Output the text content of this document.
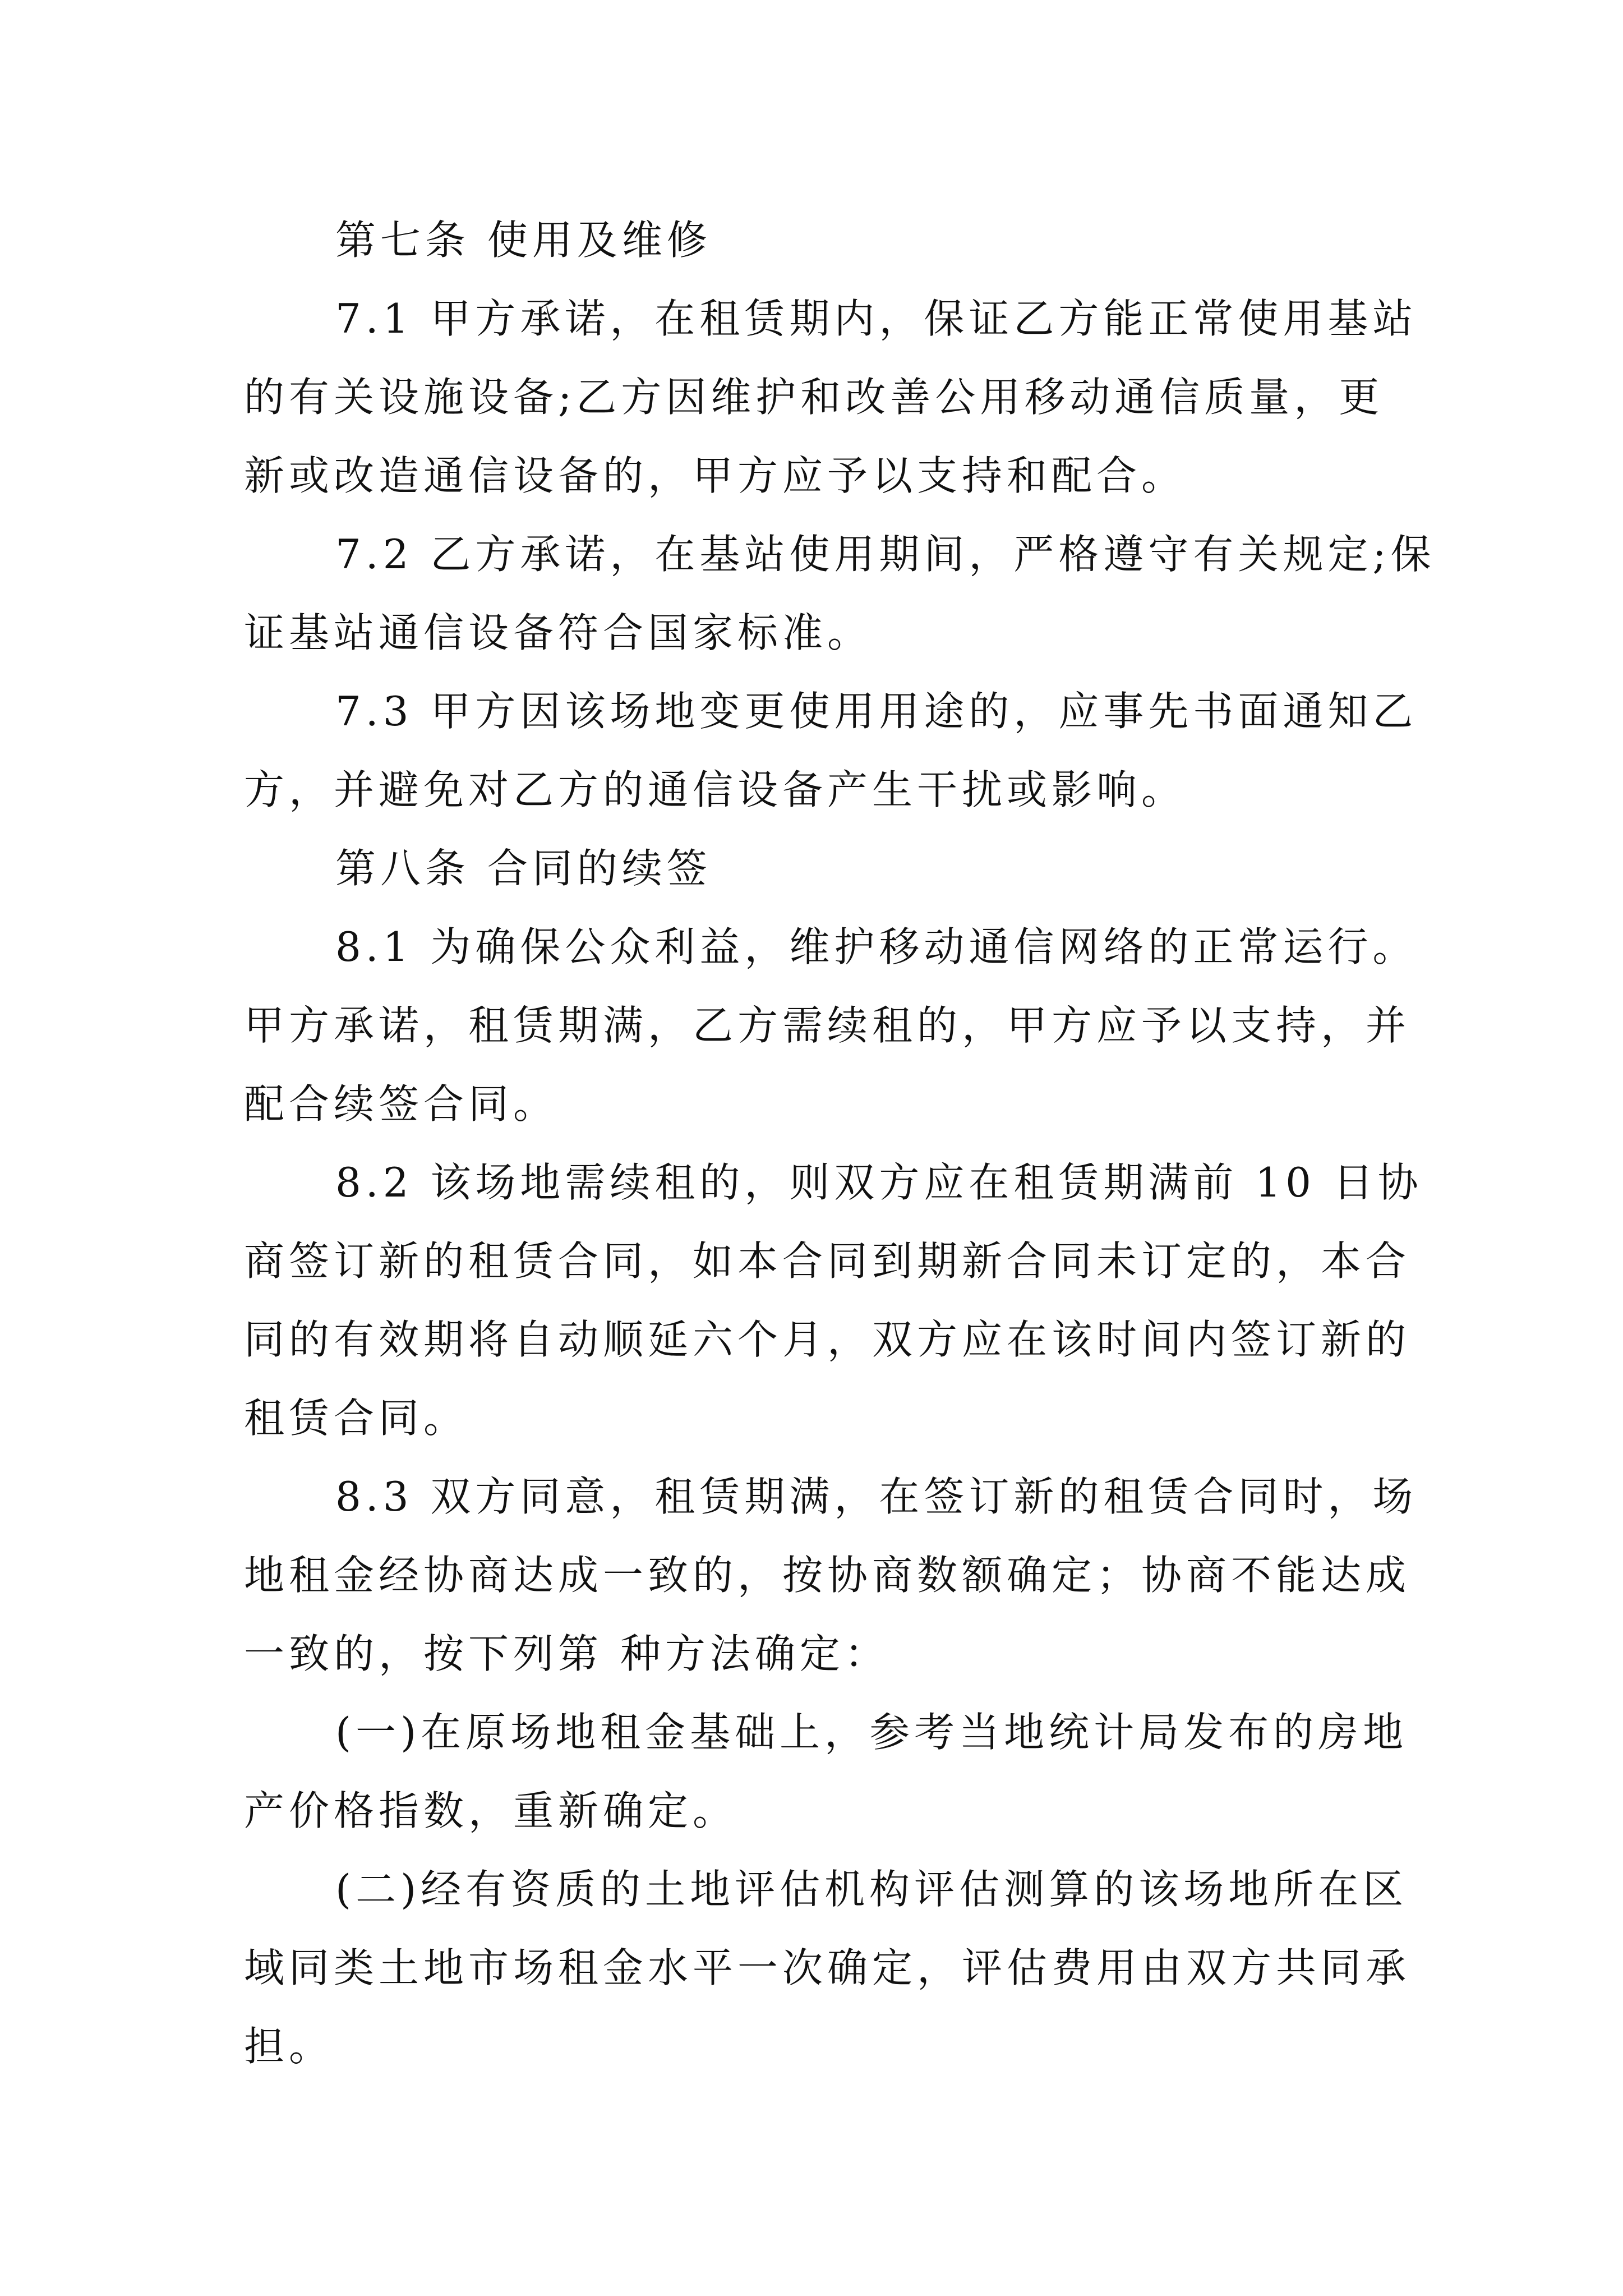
第七条 使用及维修
7.1 甲方承诺，在租赁期内，保证乙方能正常使用基站
的有关设施设备;乙方因维护和改善公用移动通信质量，更
新或改造通信设备的，甲方应予以支持和配合。
7.2 乙方承诺，在基站使用期间，严格遵守有关规定;保
证基站通信设备符合国家标准。
7.3 甲方因该场地变更使用用途的，应事先书面通知乙
方，并避免对乙方的通信设备产生干扰或影响。
第八条 合同的续签
8.1 为确保公众利益，维护移动通信网络的正常运行。
甲方承诺，租赁期满，乙方需续租的，甲方应予以支持，并
配合续签合同。
8.2 该场地需续租的，则双方应在租赁期满前 10 日协
商签订新的租赁合同，如本合同到期新合同未订定的，本合
同的有效期将自动顺延六个月，双方应在该时间内签订新的
租赁合同。
8.3 双方同意，租赁期满，在签订新的租赁合同时，场
地租金经协商达成一致的，按协商数额确定；协商不能达成
一致的，按下列第 种方法确定：
(一)在原场地租金基础上，参考当地统计局发布的房地
产价格指数，重新确定。
(二)经有资质的土地评估机构评估测算的该场地所在区
域同类土地市场租金水平一次确定，评估费用由双方共同承
担。
